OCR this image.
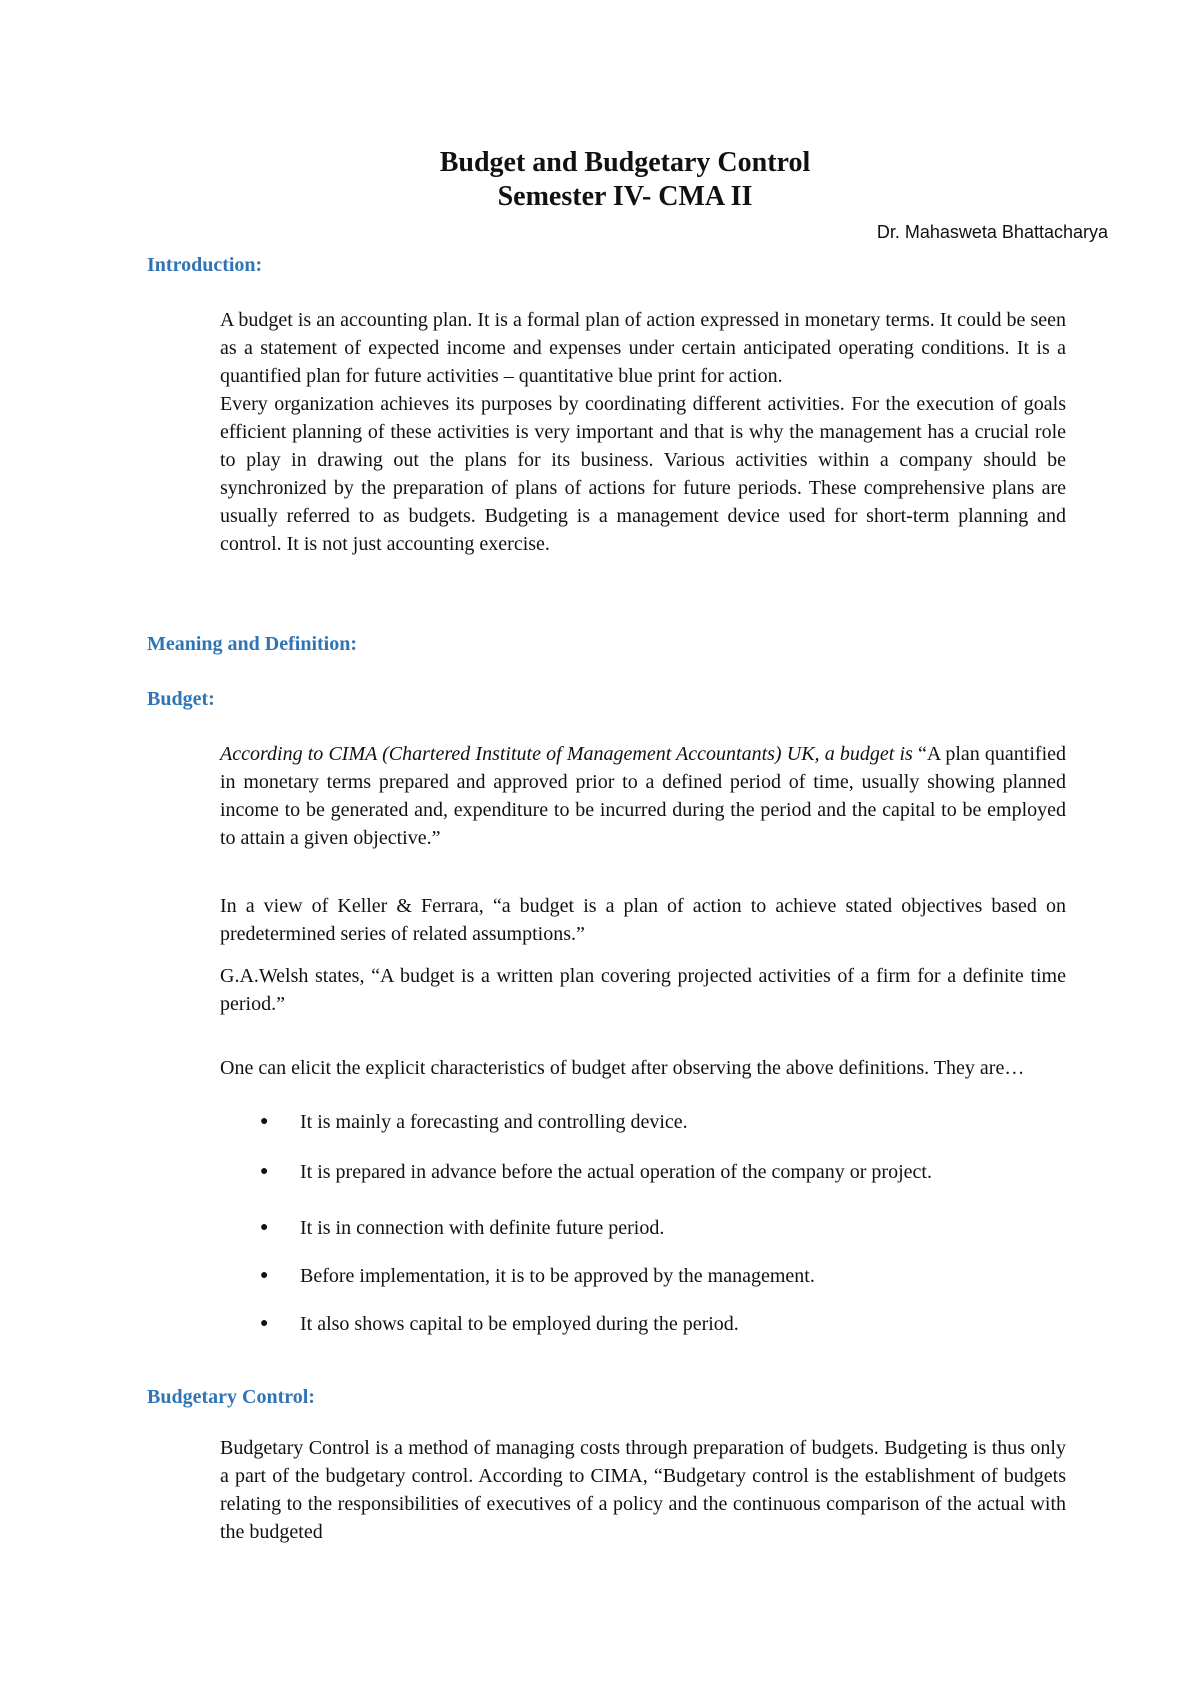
Budget and Budgetary Control

Semester IV- CMA II

Dr. Mahasweta Bhattacharya
Introduction:

A budget is an accounting plan. It is a formal plan of action expressed in monetary terms. It could be seen as a statement of expected income and expenses under certain anticipated operating conditions. It is a quantified plan for future activities – quantitative blue print for action.

Every organization achieves its purposes by coordinating different activities. For the execution of goals efficient planning of these activities is very important and that is why the management has a crucial role to play in drawing out the plans for its business. Various activities within a company should be synchronized by the preparation of plans of actions for future periods. These comprehensive plans are usually referred to as budgets. Budgeting is a management device used for short-term planning and control. It is not just accounting exercise.

Meaning and Definition:
Budget:

According to CIMA (Chartered Institute of Management Accountants) UK, a budget is “A plan quantified in monetary terms prepared and approved prior to a defined period of time, usually showing planned income to be generated and, expenditure to be incurred during the period and the capital to be employed to attain a given objective.”

In a view of Keller & Ferrara, “a budget is a plan of action to achieve stated objectives based on predetermined series of related assumptions.”
G.A.Welsh states, “A budget is a written plan covering projected activities of a firm for a definite time period.”
One can elicit the explicit characteristics of budget after observing the above definitions. They are…
● It is mainly a forecasting and controlling device.
● It is prepared in advance before the actual operation of the company or project.
● It is in connection with definite future period.
● Before implementation, it is to be approved by the management.
● It also shows capital to be employed during the period.
Budgetary Control:
Budgetary Control is a method of managing costs through preparation of budgets. Budgeting is thus only a part of the budgetary control. According to CIMA, “Budgetary control is the establishment of budgets relating to the responsibilities of executives of a policy and the continuous comparison of the actual with the budgeted
